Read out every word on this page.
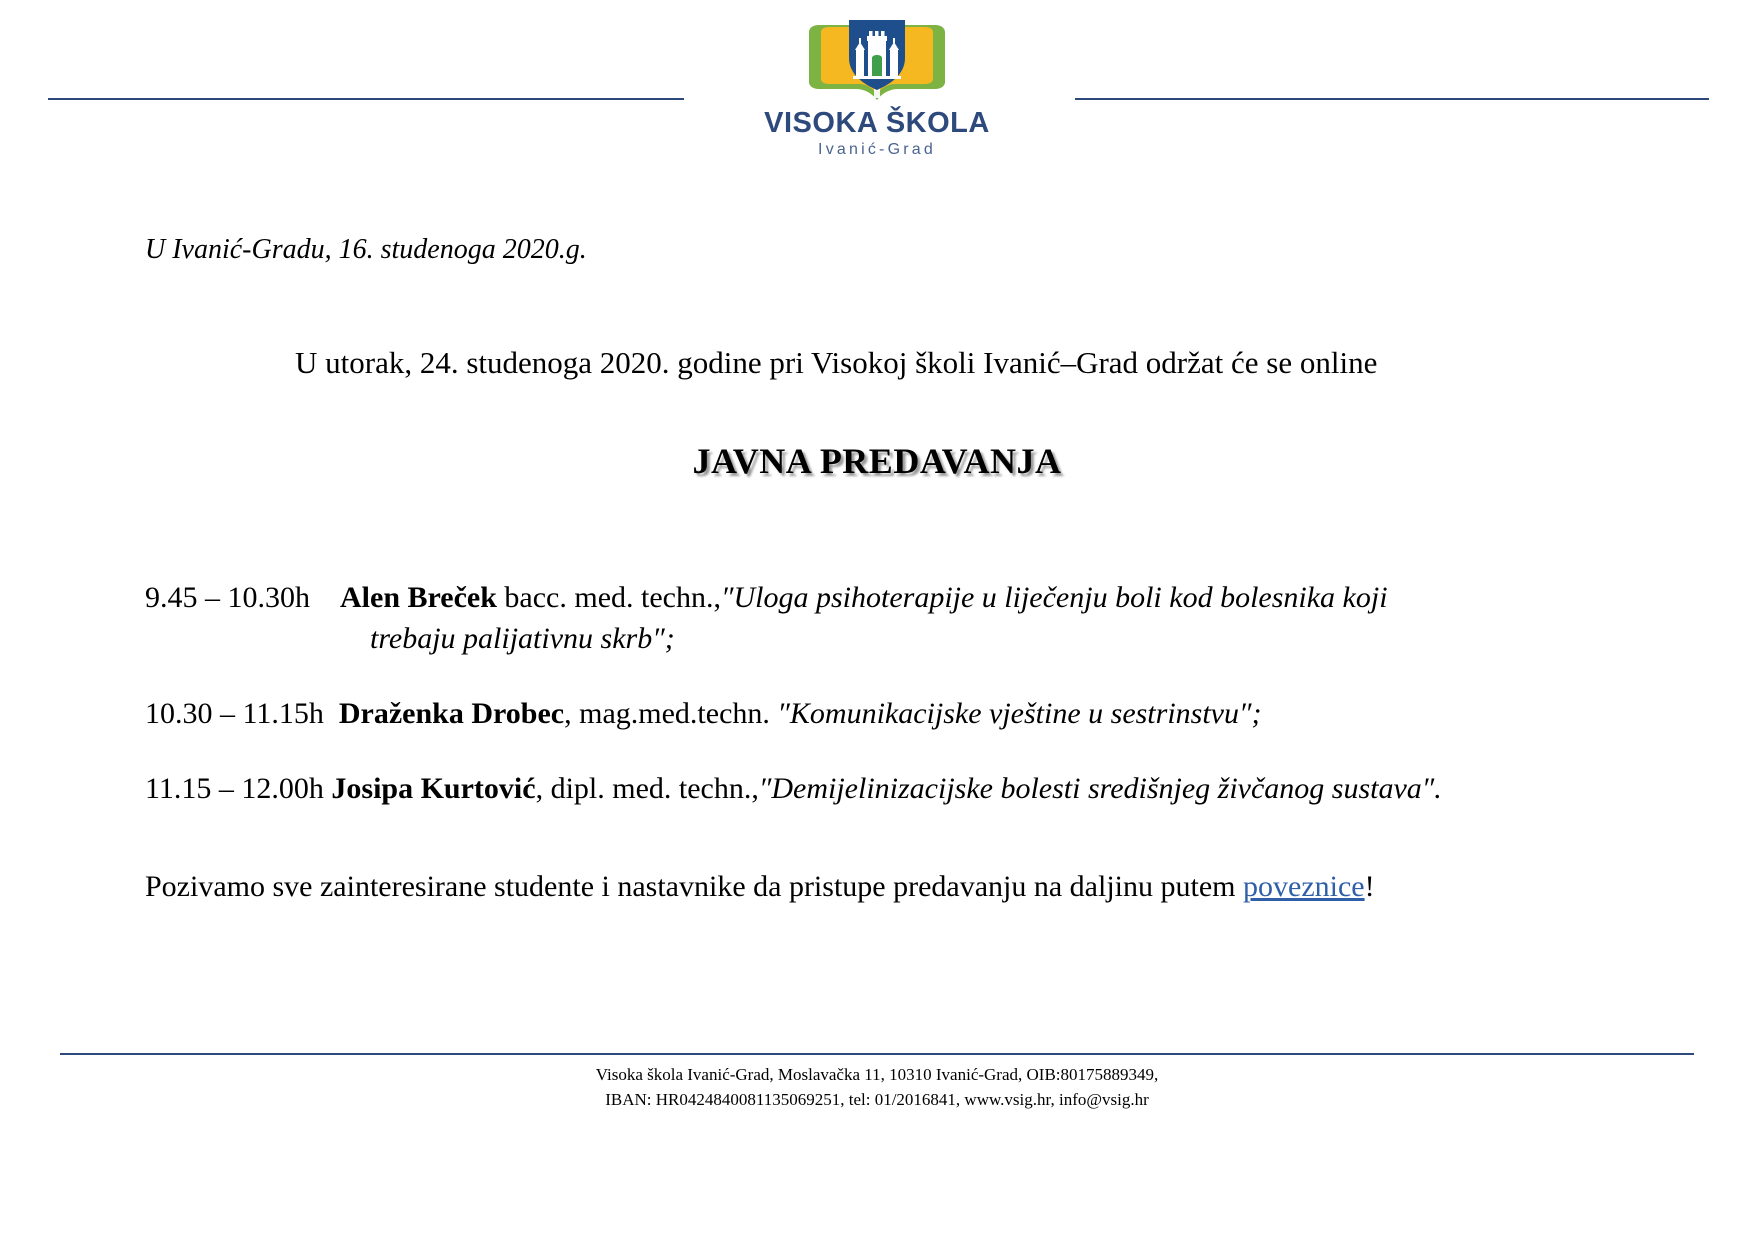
VISOKA ŠKOLA
Ivanić-Grad
U Ivanić-Gradu, 16. studenoga 2020.g.
U utorak, 24. studenoga 2020. godine pri Visokoj školi Ivanić–Grad održat će se online
JAVNA PREDAVANJA
9.45 – 10.30h Alen Breček bacc. med. techn.,″Uloga psihoterapije u liječenju boli kod bolesnika koji
trebaju palijativnu skrb″;
10.30 – 11.15h Draženka Drobec, mag.med.techn. ″Komunikacijske vještine u sestrinstvu″;
11.15 – 12.00h Josipa Kurtović, dipl. med. techn.,″Demijelinizacijske bolesti središnjeg živčanog sustava″.
Pozivamo sve zainteresirane studente i nastavnike da pristupe predavanju na daljinu putem poveznice!
Visoka škola Ivanić-Grad, Moslavačka 11, 10310 Ivanić-Grad, OIB:80175889349,
IBAN: HR0424840081135069251, tel: 01/2016841, www.vsig.hr, info@vsig.hr
